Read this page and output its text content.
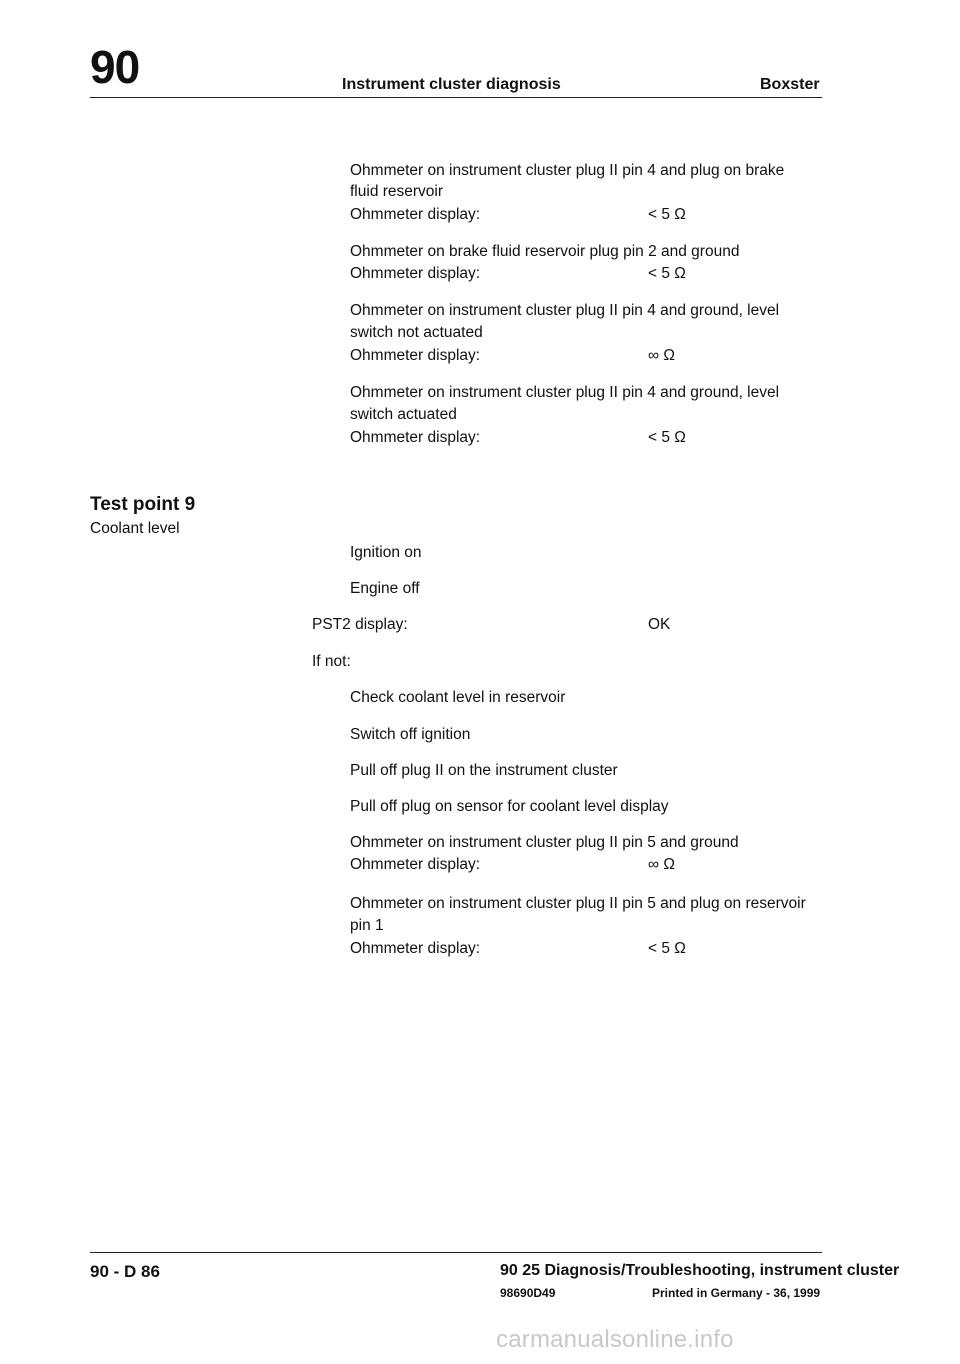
90	Instrument cluster diagnosis	Boxster
Test point 9
Coolant level
Ohmmeter on instrument cluster plug II pin 4 and plug on brake
fluid reservoir
Ohmmeter display:	< 5 Ω
Ohmmeter on brake fluid reservoir plug pin 2 and ground
Ohmmeter display:	< 5 Ω
Ohmmeter on instrument cluster plug II pin 4 and ground, level
switch not actuated
Ohmmeter display:	∞ Ω
Ohmmeter on instrument cluster plug II pin 4 and ground, level
switch actuated
Ohmmeter display:	< 5 Ω
Ignition on
Engine off
PST2 display:	OK
If not:
Check coolant level in reservoir
Switch off ignition
Pull off plug II on the instrument cluster
Pull off plug on sensor for coolant level display
Ohmmeter on instrument cluster plug II pin 5 and ground
Ohmmeter display:	∞ Ω
Ohmmeter on instrument cluster plug II pin 5 and plug on reservoir
pin 1
Ohmmeter display:	< 5 Ω
90 - D 86	90 25 Diagnosis/Troubleshooting, instrument cluster
98690D49	Printed in Germany - 36, 1999
carmanualsonline.info
